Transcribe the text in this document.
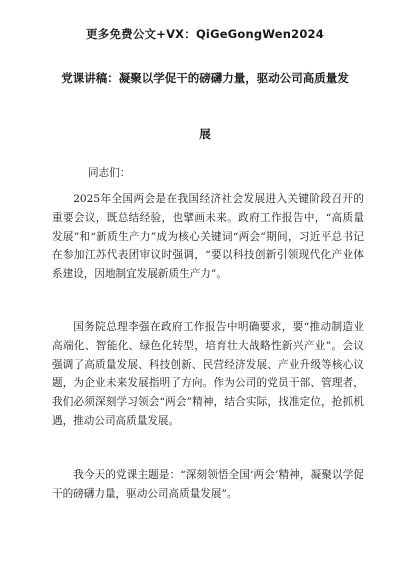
更多免费公文+VX：QiGeGongWen2024
党课讲稿：凝聚以学促干的磅礴力量，驱动公司高质量发
展

同志们：

2025年全国两会是在我国经济社会发展进入关键阶段召开的重要会议，既总结经验，也擘画未来。政府工作报告中，“高质量发展”和“新质生产力”成为核心关键词“两会”期间，习近平总书记在参加江苏代表团审议时强调，“要以科技创新引领现代化产业体系建设，因地制宜发展新质生产力”。

国务院总理李强在政府工作报告中明确要求，要“推动制造业高端化、智能化、绿色化转型，培育壮大战略性新兴产业”。会议强调了高质量发展、科技创新、民营经济发展、产业升级等核心议题，为企业未来发展指明了方向。作为公司的党员干部、管理者，我们必须深刻学习领会“两会”精神，结合实际，找准定位，抢抓机遇，推动公司高质量发展。

我今天的党课主题是：“深刻领悟全国‘两会’精神，凝聚以学促干的磅礴力量，驱动公司高质量发展”。
